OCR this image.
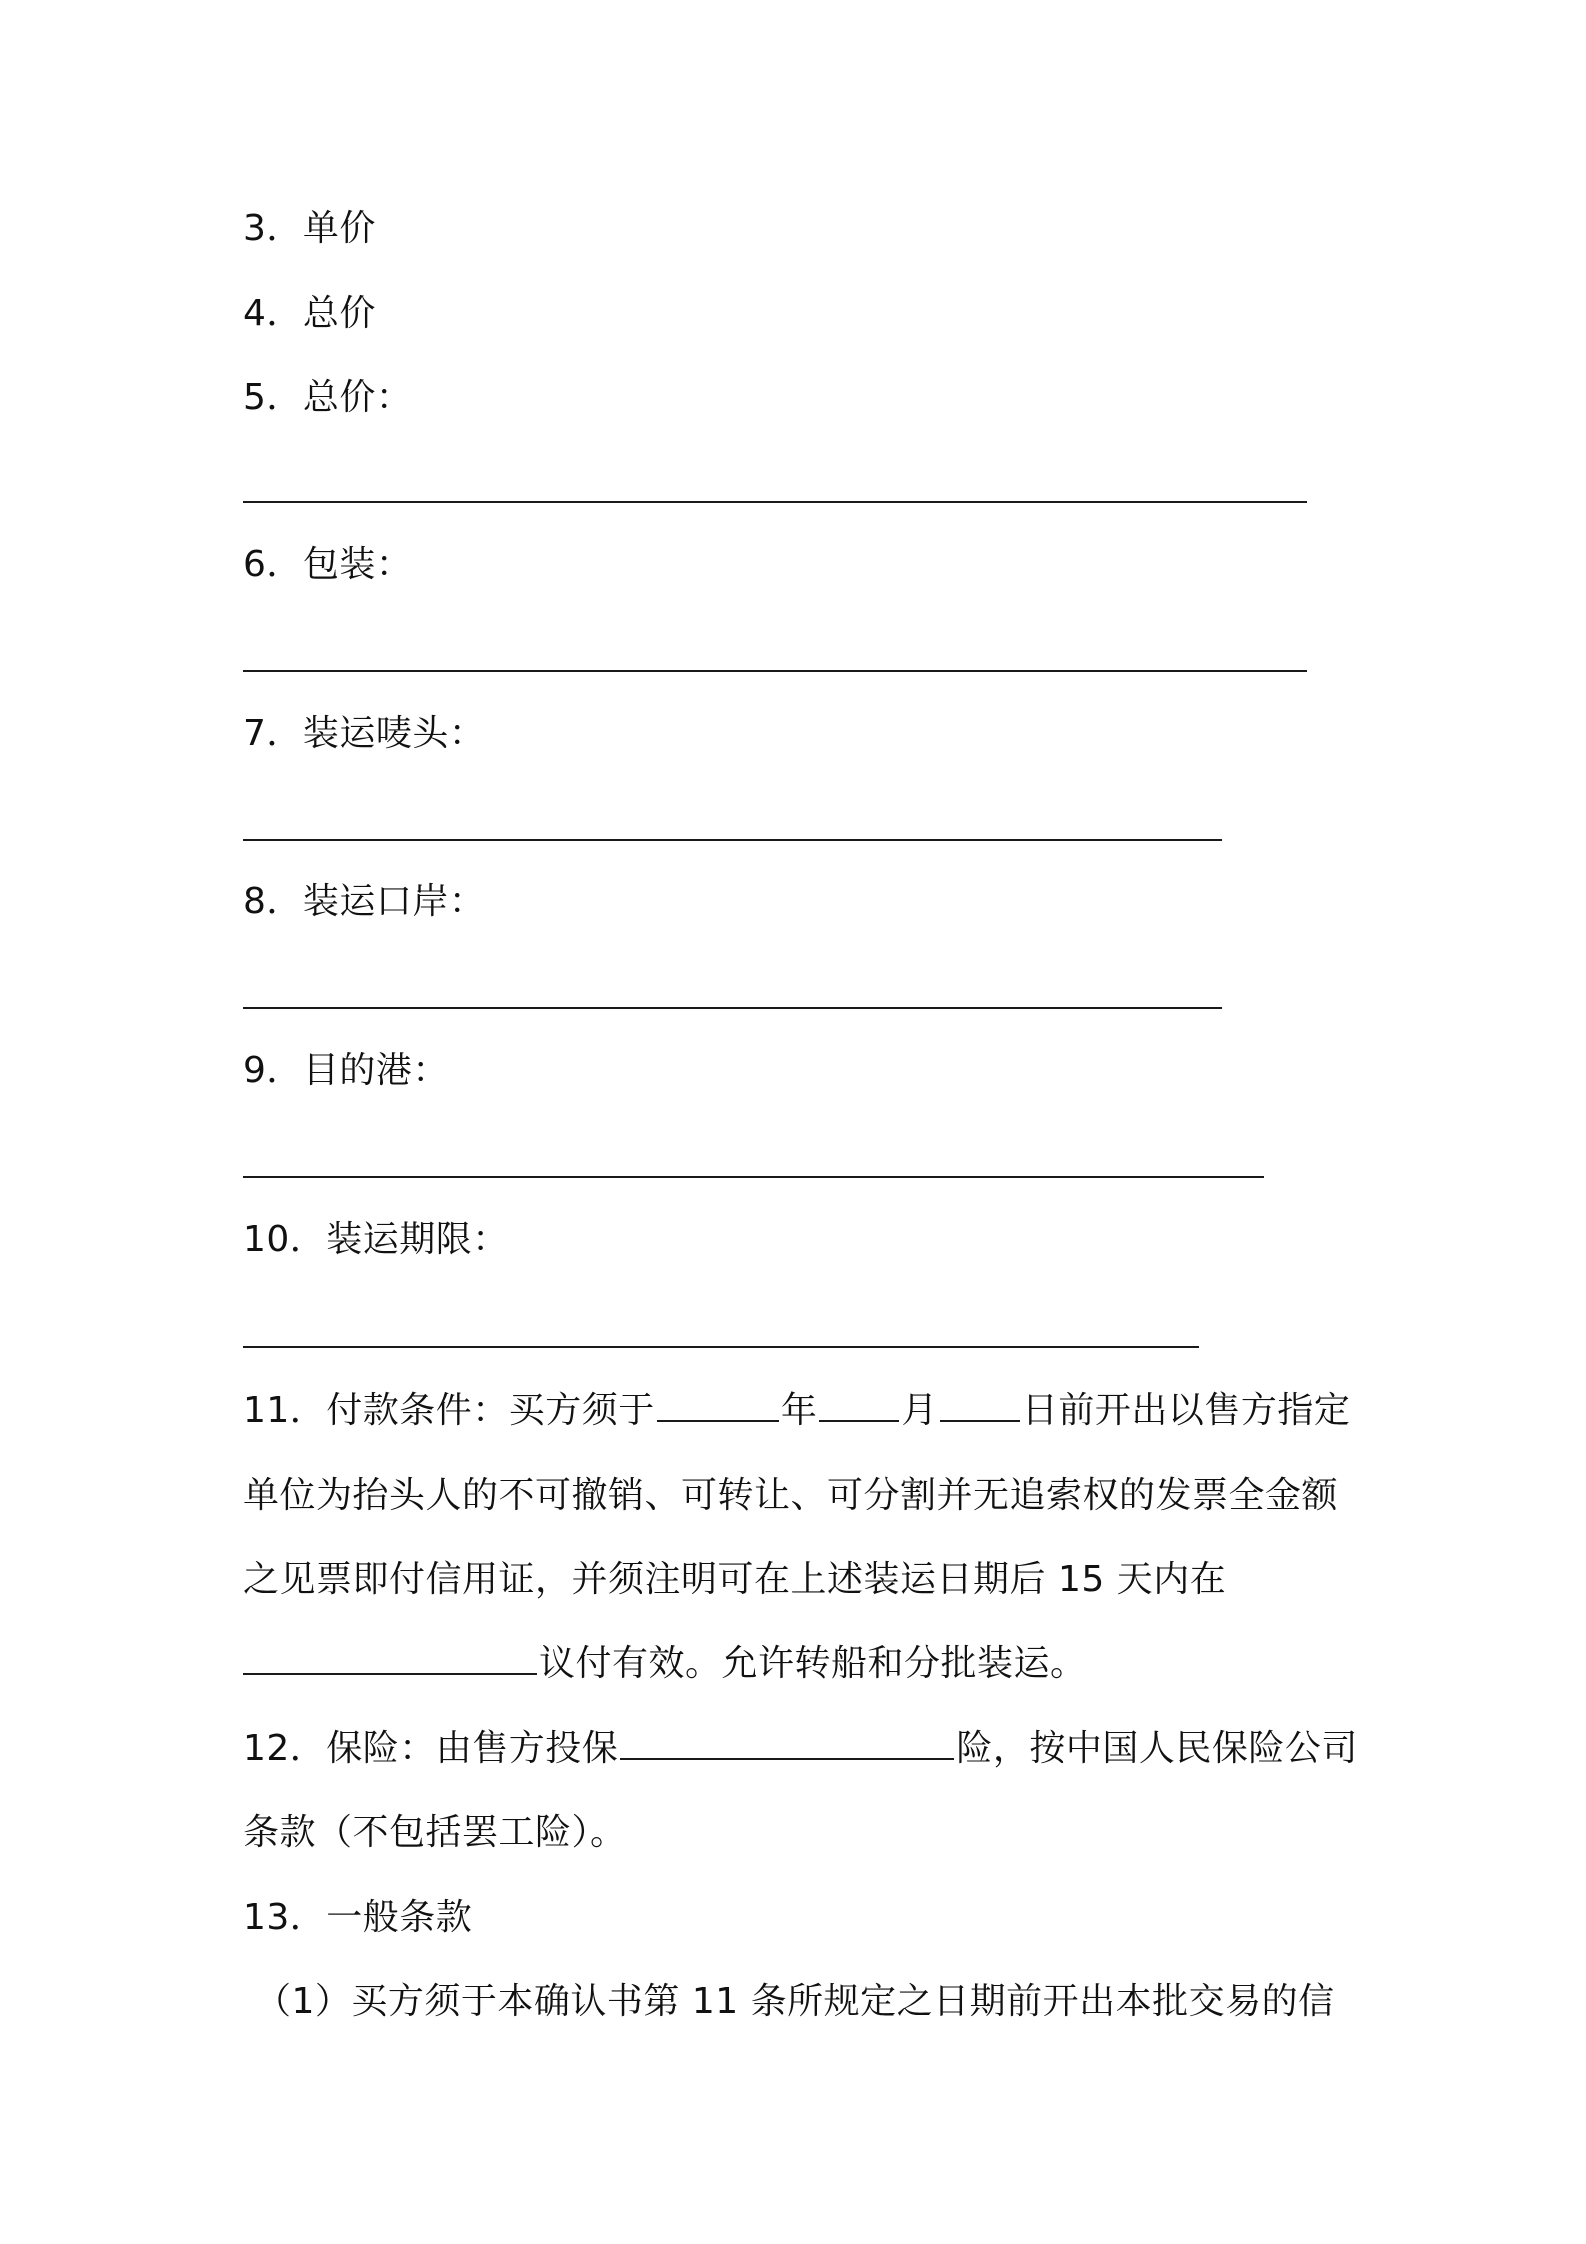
3．单价

4．总价

5．总价：

6．包装：

7．装运唛头：

8．装运口岸：

9．目的港：

10．装运期限：

11．付款条件：买方须于	年 月 日前开出以售方指定

单位为抬头人的不可撤销、可转让、可分割并无追索权的发票全金额

之见票即付信用证，并须注明可在上述装运日期后 15 天内在

议付有效。允许转船和分批装运。

12．保险：由售方投保	险，按中国人民保险公司

条款（不包括罢工险）。

13．一般条款

（1）买方须于本确认书第 11 条所规定之日期前开出本批交易的信
